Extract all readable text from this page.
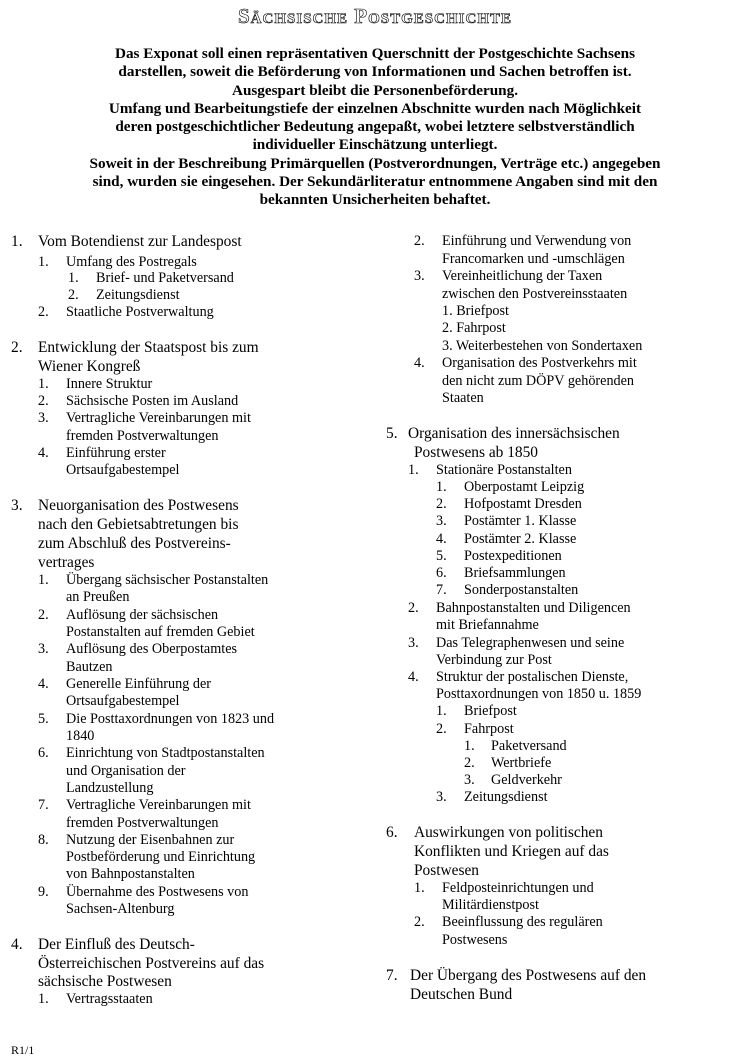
Sächsische Postgeschichte
Das Exponat soll einen repräsentativen Querschnitt der Postgeschichte Sachsens
darstellen, soweit die Beförderung von Informationen und Sachen betroffen ist.
Ausgespart bleibt die Personenbeförderung.
Umfang und Bearbeitungstiefe der einzelnen Abschnitte wurden nach Möglichkeit
deren postgeschichtlicher Bedeutung angepaßt, wobei letztere selbstverständlich
individueller Einschätzung unterliegt.
Soweit in der Beschreibung Primärquellen (Postverordnungen, Verträge etc.) angegeben
sind, wurden sie eingesehen. Der Sekundärliteratur entnommene Angaben sind mit den
bekannten Unsicherheiten behaftet.
R1/1
1. Vom Botendienst zur Landespost
1. Umfang des Postregals
1. Brief- und Paketversand
2. Zeitungsdienst
2. Staatliche Postverwaltung
2. Entwicklung der Staatspost bis zum
Wiener Kongreß
1. Innere Struktur
2. Sächsische Posten im Ausland
3. Vertragliche Vereinbarungen mit
fremden Postverwaltungen
4. Einführung erster
Ortsaufgabestempel
3. Neuorganisation des Postwesens
nach den Gebietsabtretungen bis
zum Abschluß des Postvereins-
vertrages
1. Übergang sächsischer Postanstalten
an Preußen
2. Auflösung der sächsischen
Postanstalten auf fremden Gebiet
3. Auflösung des Oberpostamtes
Bautzen
4. Generelle Einführung der
Ortsaufgabestempel
5. Die Posttaxordnungen von 1823 und
1840
6. Einrichtung von Stadtpostanstalten
und Organisation der
Landzustellung
7. Vertragliche Vereinbarungen mit
fremden Postverwaltungen
8. Nutzung der Eisenbahnen zur
Postbeförderung und Einrichtung
von Bahnpostanstalten
9. Übernahme des Postwesens von
Sachsen-Altenburg
4. Der Einfluß des Deutsch-
Österreichischen Postvereins auf das
sächsische Postwesen
1. Vertragsstaaten
2. Einführung und Verwendung von
Francomarken und -umschlägen
3. Vereinheitlichung der Taxen
zwischen den Postvereinsstaaten
1. Briefpost
2. Fahrpost
3. Weiterbestehen von Sondertaxen
4. Organisation des Postverkehrs mit
den nicht zum DÖPV gehörenden
Staaten
5. Organisation des innersächsischen
Postwesens ab 1850
1. Stationäre Postanstalten
1. Oberpostamt Leipzig
2. Hofpostamt Dresden
3. Postämter 1. Klasse
4. Postämter 2. Klasse
5. Postexpeditionen
6. Briefsammlungen
7. Sonderpostanstalten
2. Bahnpostanstalten und Diligencen
mit Briefannahme
3. Das Telegraphenwesen und seine
Verbindung zur Post
4. Struktur der postalischen Dienste,
Posttaxordnungen von 1850 u. 1859
1. Briefpost
2. Fahrpost
1. Paketversand
2. Wertbriefe
3. Geldverkehr
3. Zeitungsdienst
6. Auswirkungen von politischen
Konflikten und Kriegen auf das
Postwesen
1. Feldposteinrichtungen und
Militärdienstpost
2. Beeinflussung des regulären
Postwesens
7. Der Übergang des Postwesens auf den
Deutschen Bund
